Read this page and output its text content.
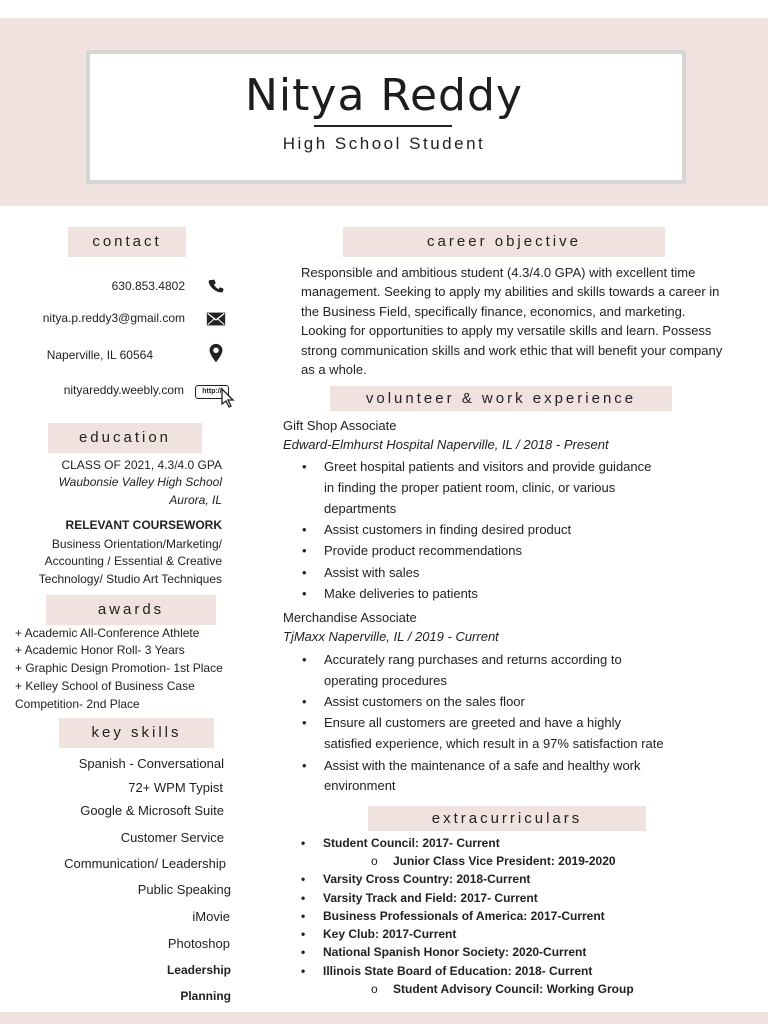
Nitya Reddy
High School Student
contact
630.853.4802
nitya.p.reddy3@gmail.com
Naperville, IL 60564
nityareddy.weebly.com	http://
education
CLASS OF 2021, 4.3/4.0 GPA
Waubonsie Valley High School
Aurora, IL
RELEVANT COURSEWORK
Business Orientation/Marketing/
Accounting / Essential & Creative
Technology/ Studio Art Techniques
awards
+ Academic All-Conference Athlete
+ Academic Honor Roll- 3 Years
+ Graphic Design Promotion- 1st Place
+ Kelley School of Business Case
Competition- 2nd Place
key skills
Spanish - Conversational
72+ WPM Typist
Google & Microsoft Suite
Customer Service
Communication/ Leadership
Public Speaking
iMovie
Photoshop
Leadership
Planning
career objective
Responsible and ambitious student (4.3/4.0 GPA) with excellent time management. Seeking to apply my abilities and skills towards a career in the Business Field, specifically finance, economics, and marketing. Looking for opportunities to apply my versatile skills and learn. Possess strong communication skills and work ethic that will benefit your company as a whole.
volunteer & work experience
Gift Shop Associate
Edward-Elmhurst Hospital Naperville, IL / 2018 - Present
• Greet hospital patients and visitors and provide guidance
in finding the proper patient room, clinic, or various
departments
• Assist customers in finding desired product
• Provide product recommendations
• Assist with sales
• Make deliveries to patients
Merchandise Associate
TjMaxx Naperville, IL / 2019 - Current
• Accurately rang purchases and returns according to
operating procedures
• Assist customers on the sales floor
• Ensure all customers are greeted and have a highly
satisfied experience, which result in a 97% satisfaction rate
• Assist with the maintenance of a safe and healthy work
environment
extracurriculars
• Student Council: 2017- Current
o Junior Class Vice President: 2019-2020
• Varsity Cross Country: 2018-Current
• Varsity Track and Field: 2017- Current
• Business Professionals of America: 2017-Current
• Key Club: 2017-Current
• National Spanish Honor Society: 2020-Current
• Illinois State Board of Education: 2018- Current
o Student Advisory Council: Working Group
